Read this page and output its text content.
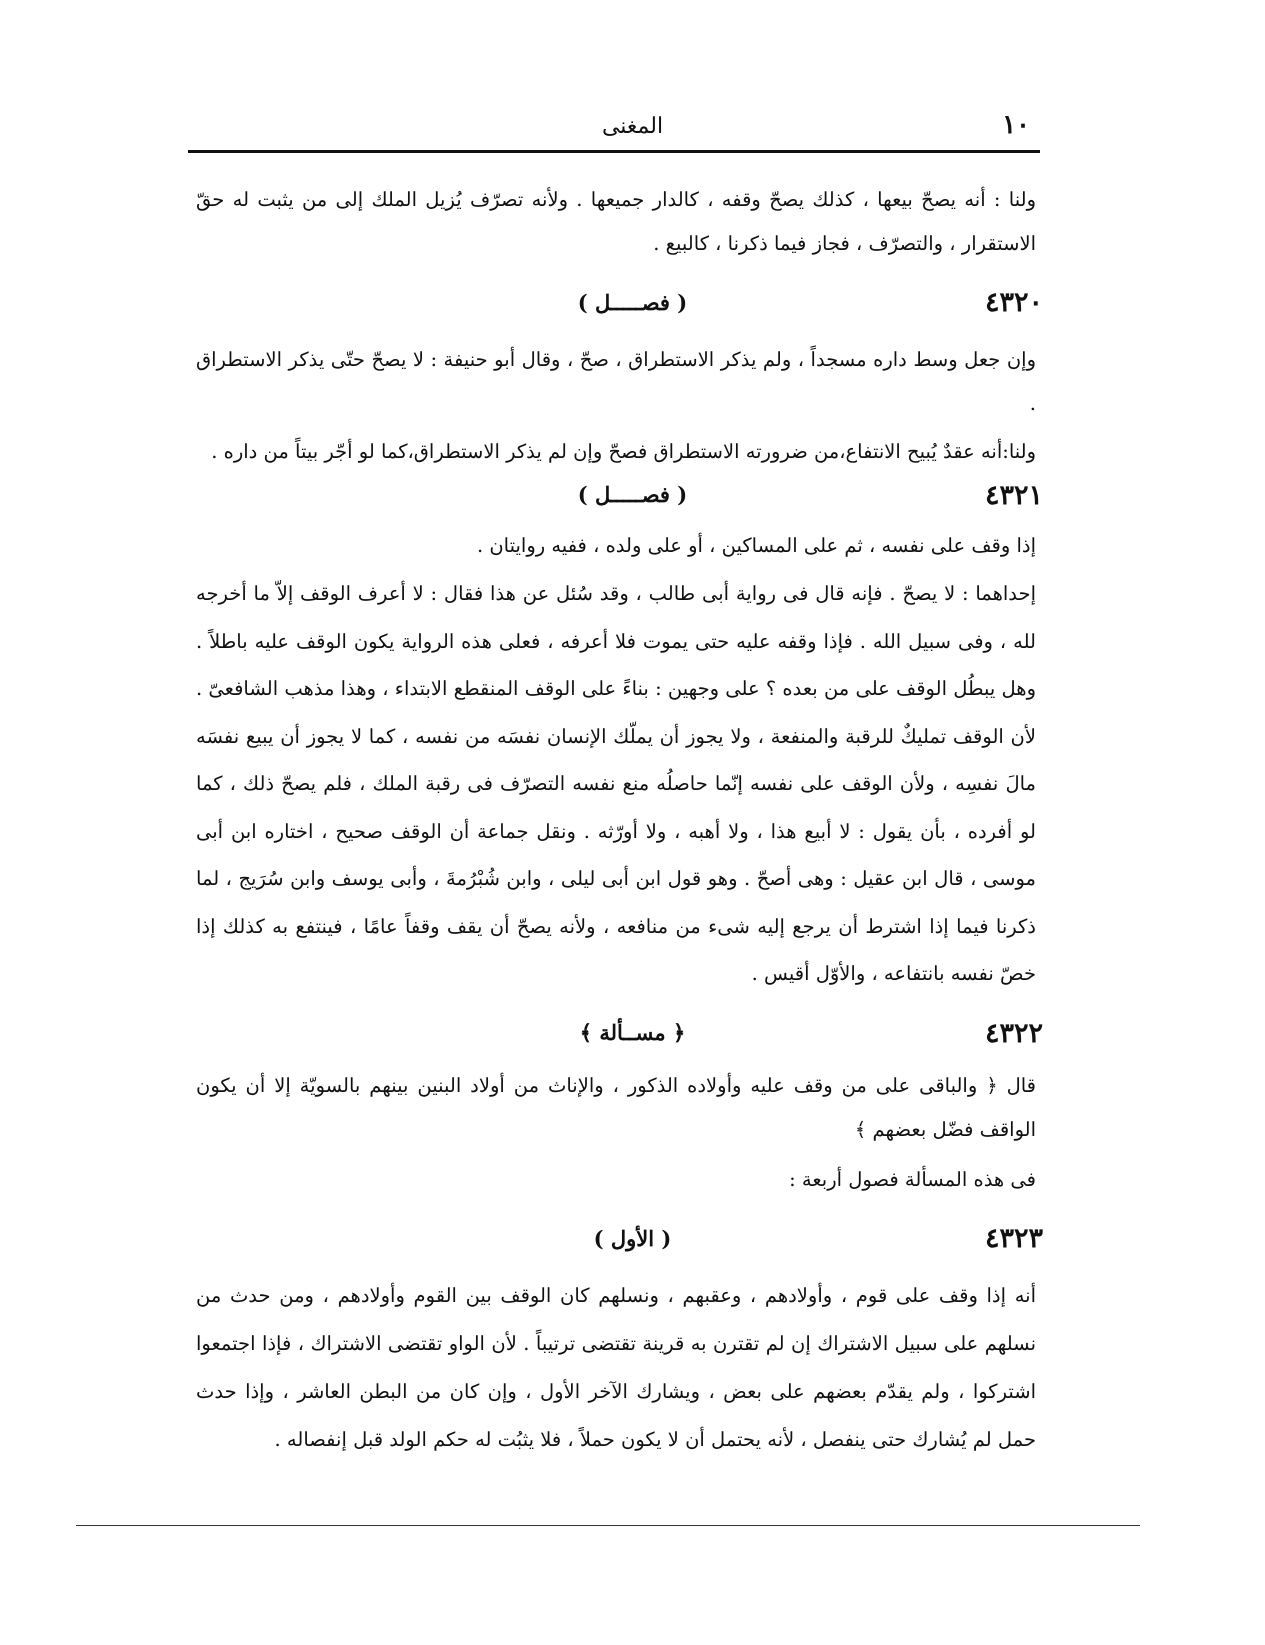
١٠
المغنى
ولنا : أنه يصحّ بيعها ، كذلك يصحّ وقفه ، كالدار جميعها . ولأنه تصرّف يُزيل الملك إلى من يثبت له حقّ الاستقرار ، والتصرّف ، فجاز فيما ذكرنا ، كالبيع .
٤٣٢٠
( فصـــــل )
وإن جعل وسط داره مسجداً ، ولم يذكر الاستطراق ، صحّ ، وقال أبو حنيفة : لا يصحّ حتّى يذكر الاستطراق .
ولنا:أنه عقدٌ يُبيح الانتفاع،من ضرورته الاستطراق فصحّ وإن لم يذكر الاستطراق،كما لو أجّر بيتاً من داره .
٤٣٢١
( فصـــــل )
إذا وقف على نفسه ، ثم على المساكين ، أو على ولده ، ففيه روايتان .
إحداهما : لا يصحّ . فإنه قال فى رواية أبى طالب ، وقد سُئل عن هذا فقال : لا أعرف الوقف إلاّ ما أخرجه لله ، وفى سبيل الله . فإذا وقفه عليه حتى يموت فلا أعرفه ، فعلى هذه الرواية يكون الوقف عليه باطلاً . وهل يبطُل الوقف على من بعده ؟ على وجهين : بناءً على الوقف المنقطع الابتداء ، وهذا مذهب الشافعىّ . لأن الوقف تمليكٌ للرقبة والمنفعة ، ولا يجوز أن يملّك الإنسان نفسَه من نفسه ، كما لا يجوز أن يبيع نفسَه مالَ نفسِه ، ولأن الوقف على نفسه إنّما حاصلُه منع نفسه التصرّف فى رقبة الملك ، فلم يصحّ ذلك ، كما لو أفرده ، بأن يقول : لا أبيع هذا ، ولا أهبه ، ولا أورّثه . ونقل جماعة أن الوقف صحيح ، اختاره ابن أبى موسى ، قال ابن عقيل : وهى أصحّ . وهو قول ابن أبى ليلى ، وابن شُبْرُمةَ ، وأبى يوسف وابن سُرَيج ، لما ذكرنا فيما إذا اشترط أن يرجع إليه شىء من منافعه ، ولأنه يصحّ أن يقف وقفاً عامًا ، فينتفع به كذلك إذا خصّ نفسه بانتفاعه ، والأوّل أقيس .
٤٣٢٢
﴿ مســألة ﴾
قال ﴿ والباقى على من وقف عليه وأولاده الذكور ، والإناث من أولاد البنين بينهم بالسويّة إلا أن يكون الواقف فضّل بعضهم ﴾
فى هذه المسألة فصول أربعة :
٤٣٢٣
( الأول )
أنه إذا وقف على قوم ، وأولادهم ، وعقبهم ، ونسلهم كان الوقف بين القوم وأولادهم ، ومن حدث من نسلهم على سبيل الاشتراك إن لم تقترن به قرينة تقتضى ترتيباً . لأن الواو تقتضى الاشتراك ، فإذا اجتمعوا اشتركوا ، ولم يقدّم بعضهم على بعض ، ويشارك الآخر الأول ، وإن كان من البطن العاشر ، وإذا حدث حمل لم يُشارك حتى ينفصل ، لأنه يحتمل أن لا يكون حملاً ، فلا يثبُت له حكم الولد قبل إنفصاله .
